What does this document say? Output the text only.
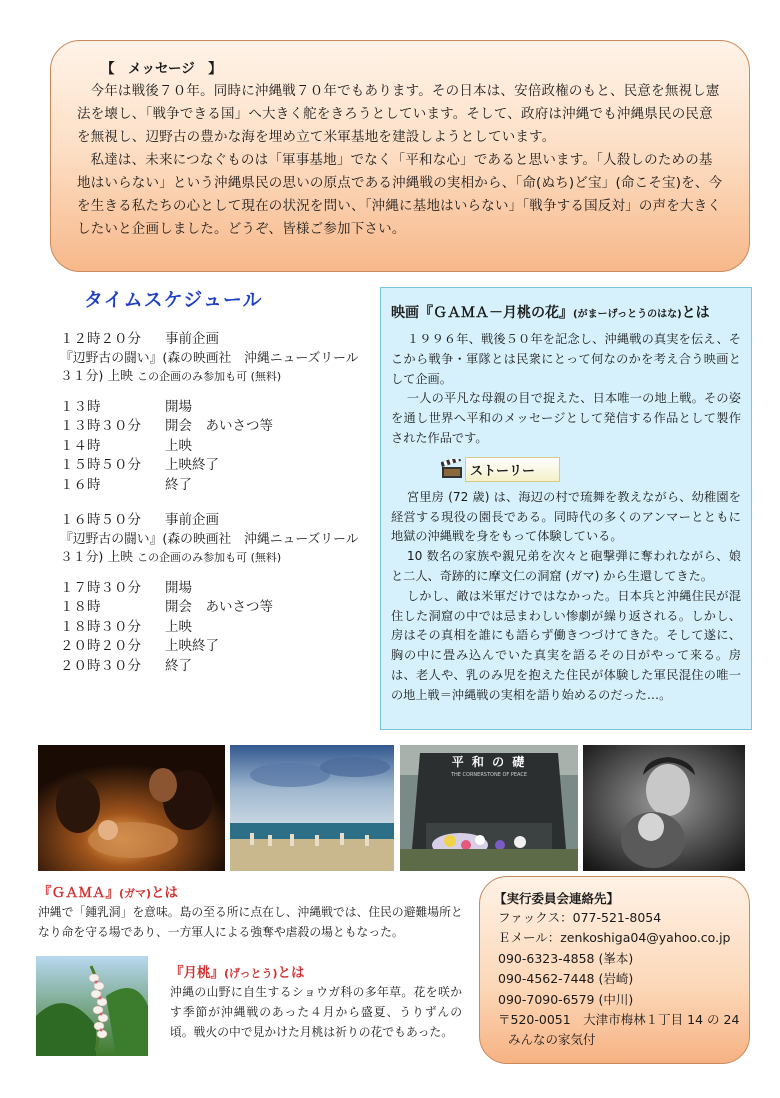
【　メッセージ　】

今年は戦後７０年。同時に沖縄戦７０年でもあります。その日本は、安倍政権のもと、民意を無視し憲法を壊し、「戦争できる国」へ大きく舵をきろうとしています。そして、政府は沖縄でも沖縄県民の民意を無視し、辺野古の豊かな海を埋め立て米軍基地を建設しようとしています。

私達は、未来につなぐものは「軍事基地」でなく「平和な心」であると思います。「人殺しのための基地はいらない」という沖縄県民の思いの原点である沖縄戦の実相から、「命(ぬち)ど宝」(命こそ宝)を、今を生きる私たちの心として現在の状況を問い、「沖縄に基地はいらない」「戦争する国反対」の声を大きくしたいと企画しました。どうぞ、皆様ご参加下さい。

タイムスケジュール
１２時２０分	事前企画

『辺野古の闘い』(森の映画社　沖縄ニューズリール　３１分) 上映 この企画のみ参加も可 (無料)

１３時	開場
１３時３０分	開会　あいさつ等
１４時	上映
１５時５０分	上映終了
１６時	終了
１６時５０分	事前企画

『辺野古の闘い』(森の映画社　沖縄ニューズリール　３１分) 上映 この企画のみ参加も可 (無料)

１７時３０分	開場
１８時	開会　あいさつ等
１８時３０分	上映
２０時２０分	上映終了
２０時３０分	終了
映画『ＧＡＭＡ－月桃の花』(がまーげっとうのはな)とは

１９９６年、戦後５０年を記念し、沖縄戦の真実を伝え、そこから戦争・軍隊とは民衆にとって何なのかを考え合う映画として企画。

一人の平凡な母親の目で捉えた、日本唯一の地上戦。その姿を通し世界へ平和のメッセージとして発信する作品として製作された作品です。

ストーリー

宮里房 (72 歳) は、海辺の村で琉舞を教えながら、幼稚園を経営する現役の園長である。同時代の多くのアンマーとともに地獄の沖縄戦を身をもって体験している。

10 数名の家族や親兄弟を次々と砲撃弾に奪われながら、娘と二人、奇跡的に摩文仁の洞窟 (ガマ) から生還してきた。

しかし、敵は米軍だけではなかった。日本兵と沖縄住民が混住した洞窟の中では忌まわしい惨劇が繰り返される。しかし、房はその真相を誰にも語らず働きつづけてきた。そして遂に、胸の中に畳み込んでいた真実を語るその日がやって来る。房は、老人や、乳のみ児を抱えた住民が体験した軍民混住の唯一の地上戦＝沖縄戦の実相を語り始めるのだった…。

平 和 の 礎
THE CORNERSTONE OF PEACE
『ＧＡＭＡ』(ガマ)とは
沖縄で「鍾乳洞」を意味。島の至る所に点在し、沖縄戦では、住民の避難場所となり命を守る場であり、一方軍人による強奪や虐殺の場ともなった。
『月桃』(げっとう)とは
沖縄の山野に自生するショウガ科の多年草。花を咲かす季節が沖縄戦のあった４月から盛夏、うりずんの頃。戦火の中で見かけた月桃は祈りの花でもあった。
【実行委員会連絡先】
ファックス：077-521-8054
Ｅメール：zenkoshiga04@yahoo.co.jp
090-6323-4858 (峯本)
090-4562-7448 (岩崎)
090-7090-6579 (中川)
〒520-0051　大津市梅林１丁目 14 の 24
みんなの家気付
